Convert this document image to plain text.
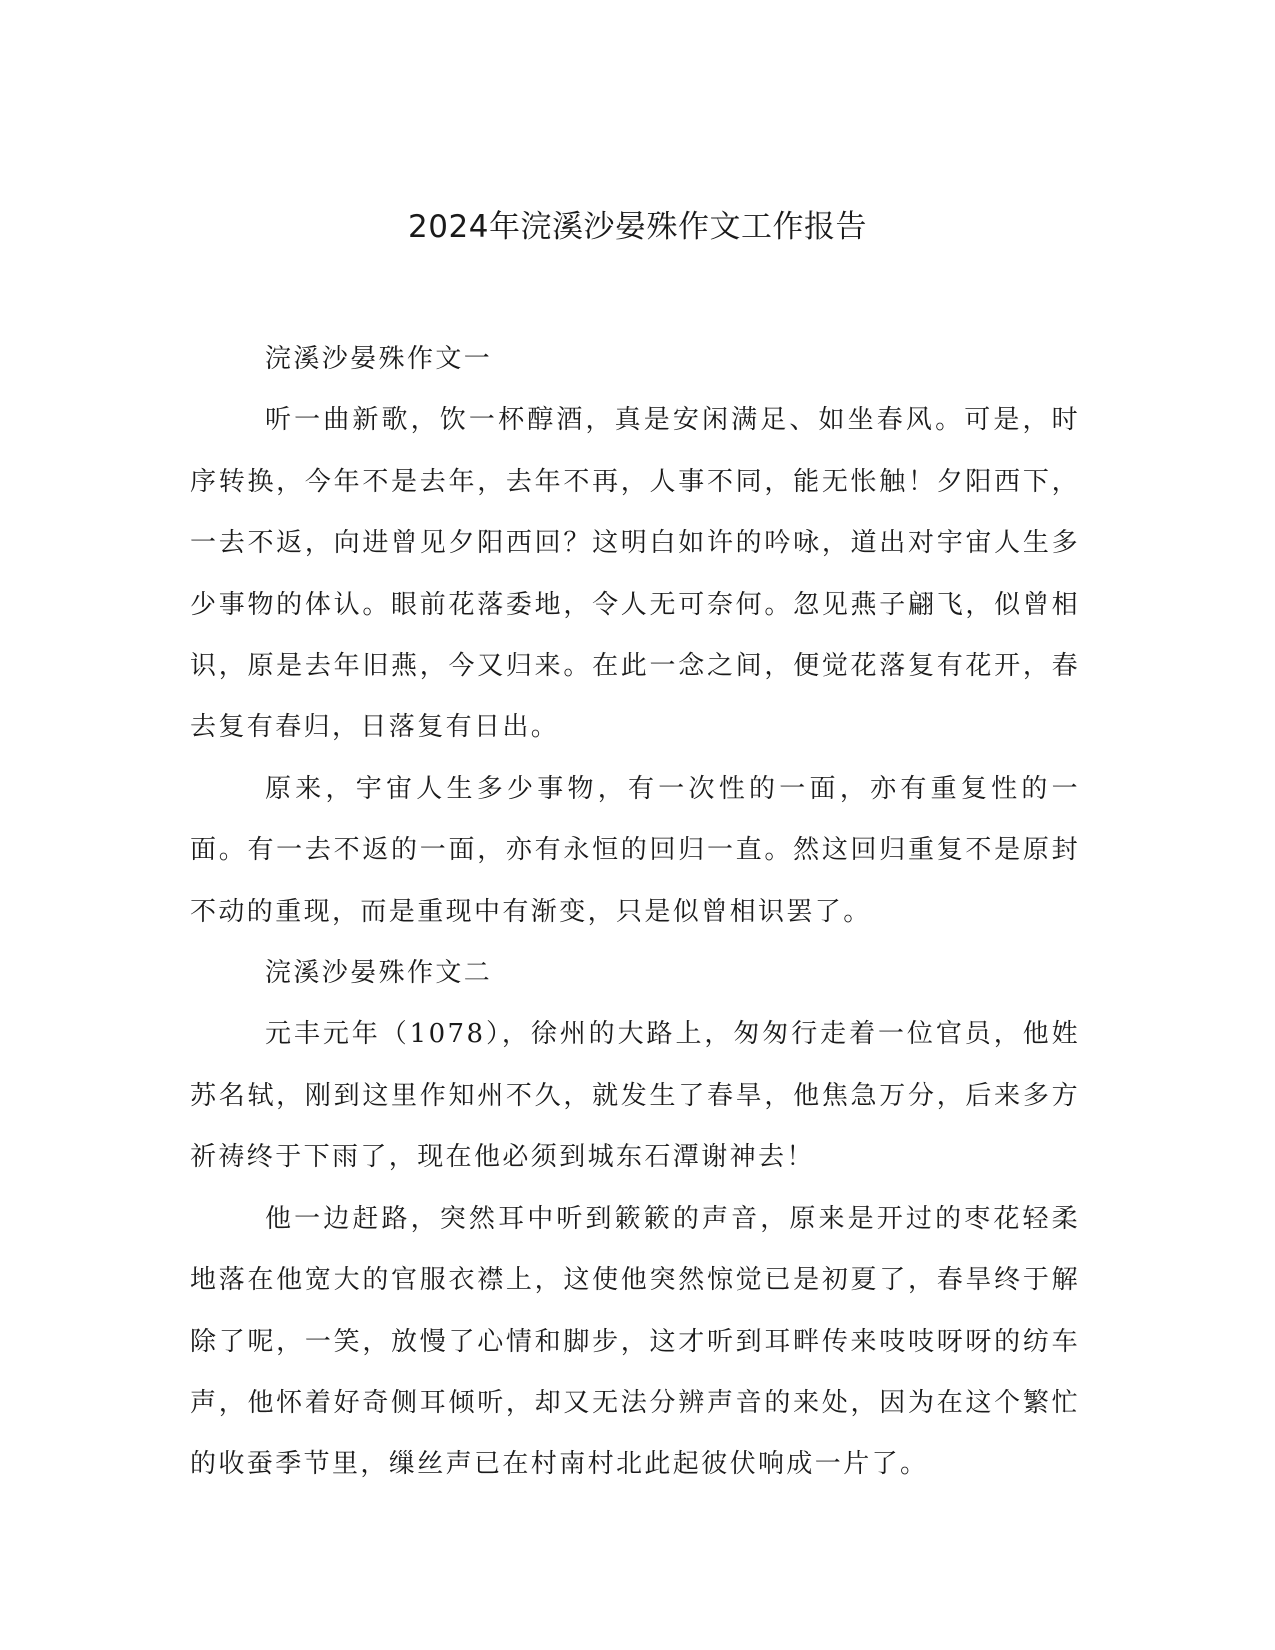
2024年浣溪沙晏殊作文工作报告

浣溪沙晏殊作文一

听一曲新歌，饮一杯醇酒，真是安闲满足、如坐春风。可是，时序转换，今年不是去年，去年不再，人事不同，能无怅触！夕阳西下，一去不返，向进曾见夕阳西回？这明白如许的吟咏，道出对宇宙人生多少事物的体认。眼前花落委地，令人无可奈何。忽见燕子翩飞，似曾相识，原是去年旧燕，今又归来。在此一念之间，便觉花落复有花开，春去复有春归，日落复有日出。

原来，宇宙人生多少事物，有一次性的一面，亦有重复性的一面。有一去不返的一面，亦有永恒的回归一直。然这回归重复不是原封不动的重现，而是重现中有渐变，只是似曾相识罢了。

浣溪沙晏殊作文二

元丰元年（1078），徐州的大路上，匆匆行走着一位官员，他姓苏名轼，刚到这里作知州不久，就发生了春旱，他焦急万分，后来多方祈祷终于下雨了，现在他必须到城东石潭谢神去！

他一边赶路，突然耳中听到簌簌的声音，原来是开过的枣花轻柔地落在他宽大的官服衣襟上，这使他突然惊觉已是初夏了，春旱终于解除了呢，一笑，放慢了心情和脚步，这才听到耳畔传来吱吱呀呀的纺车声，他怀着好奇侧耳倾听，却又无法分辨声音的来处，因为在这个繁忙的收蚕季节里，缫丝声已在村南村北此起彼伏响成一片了。
